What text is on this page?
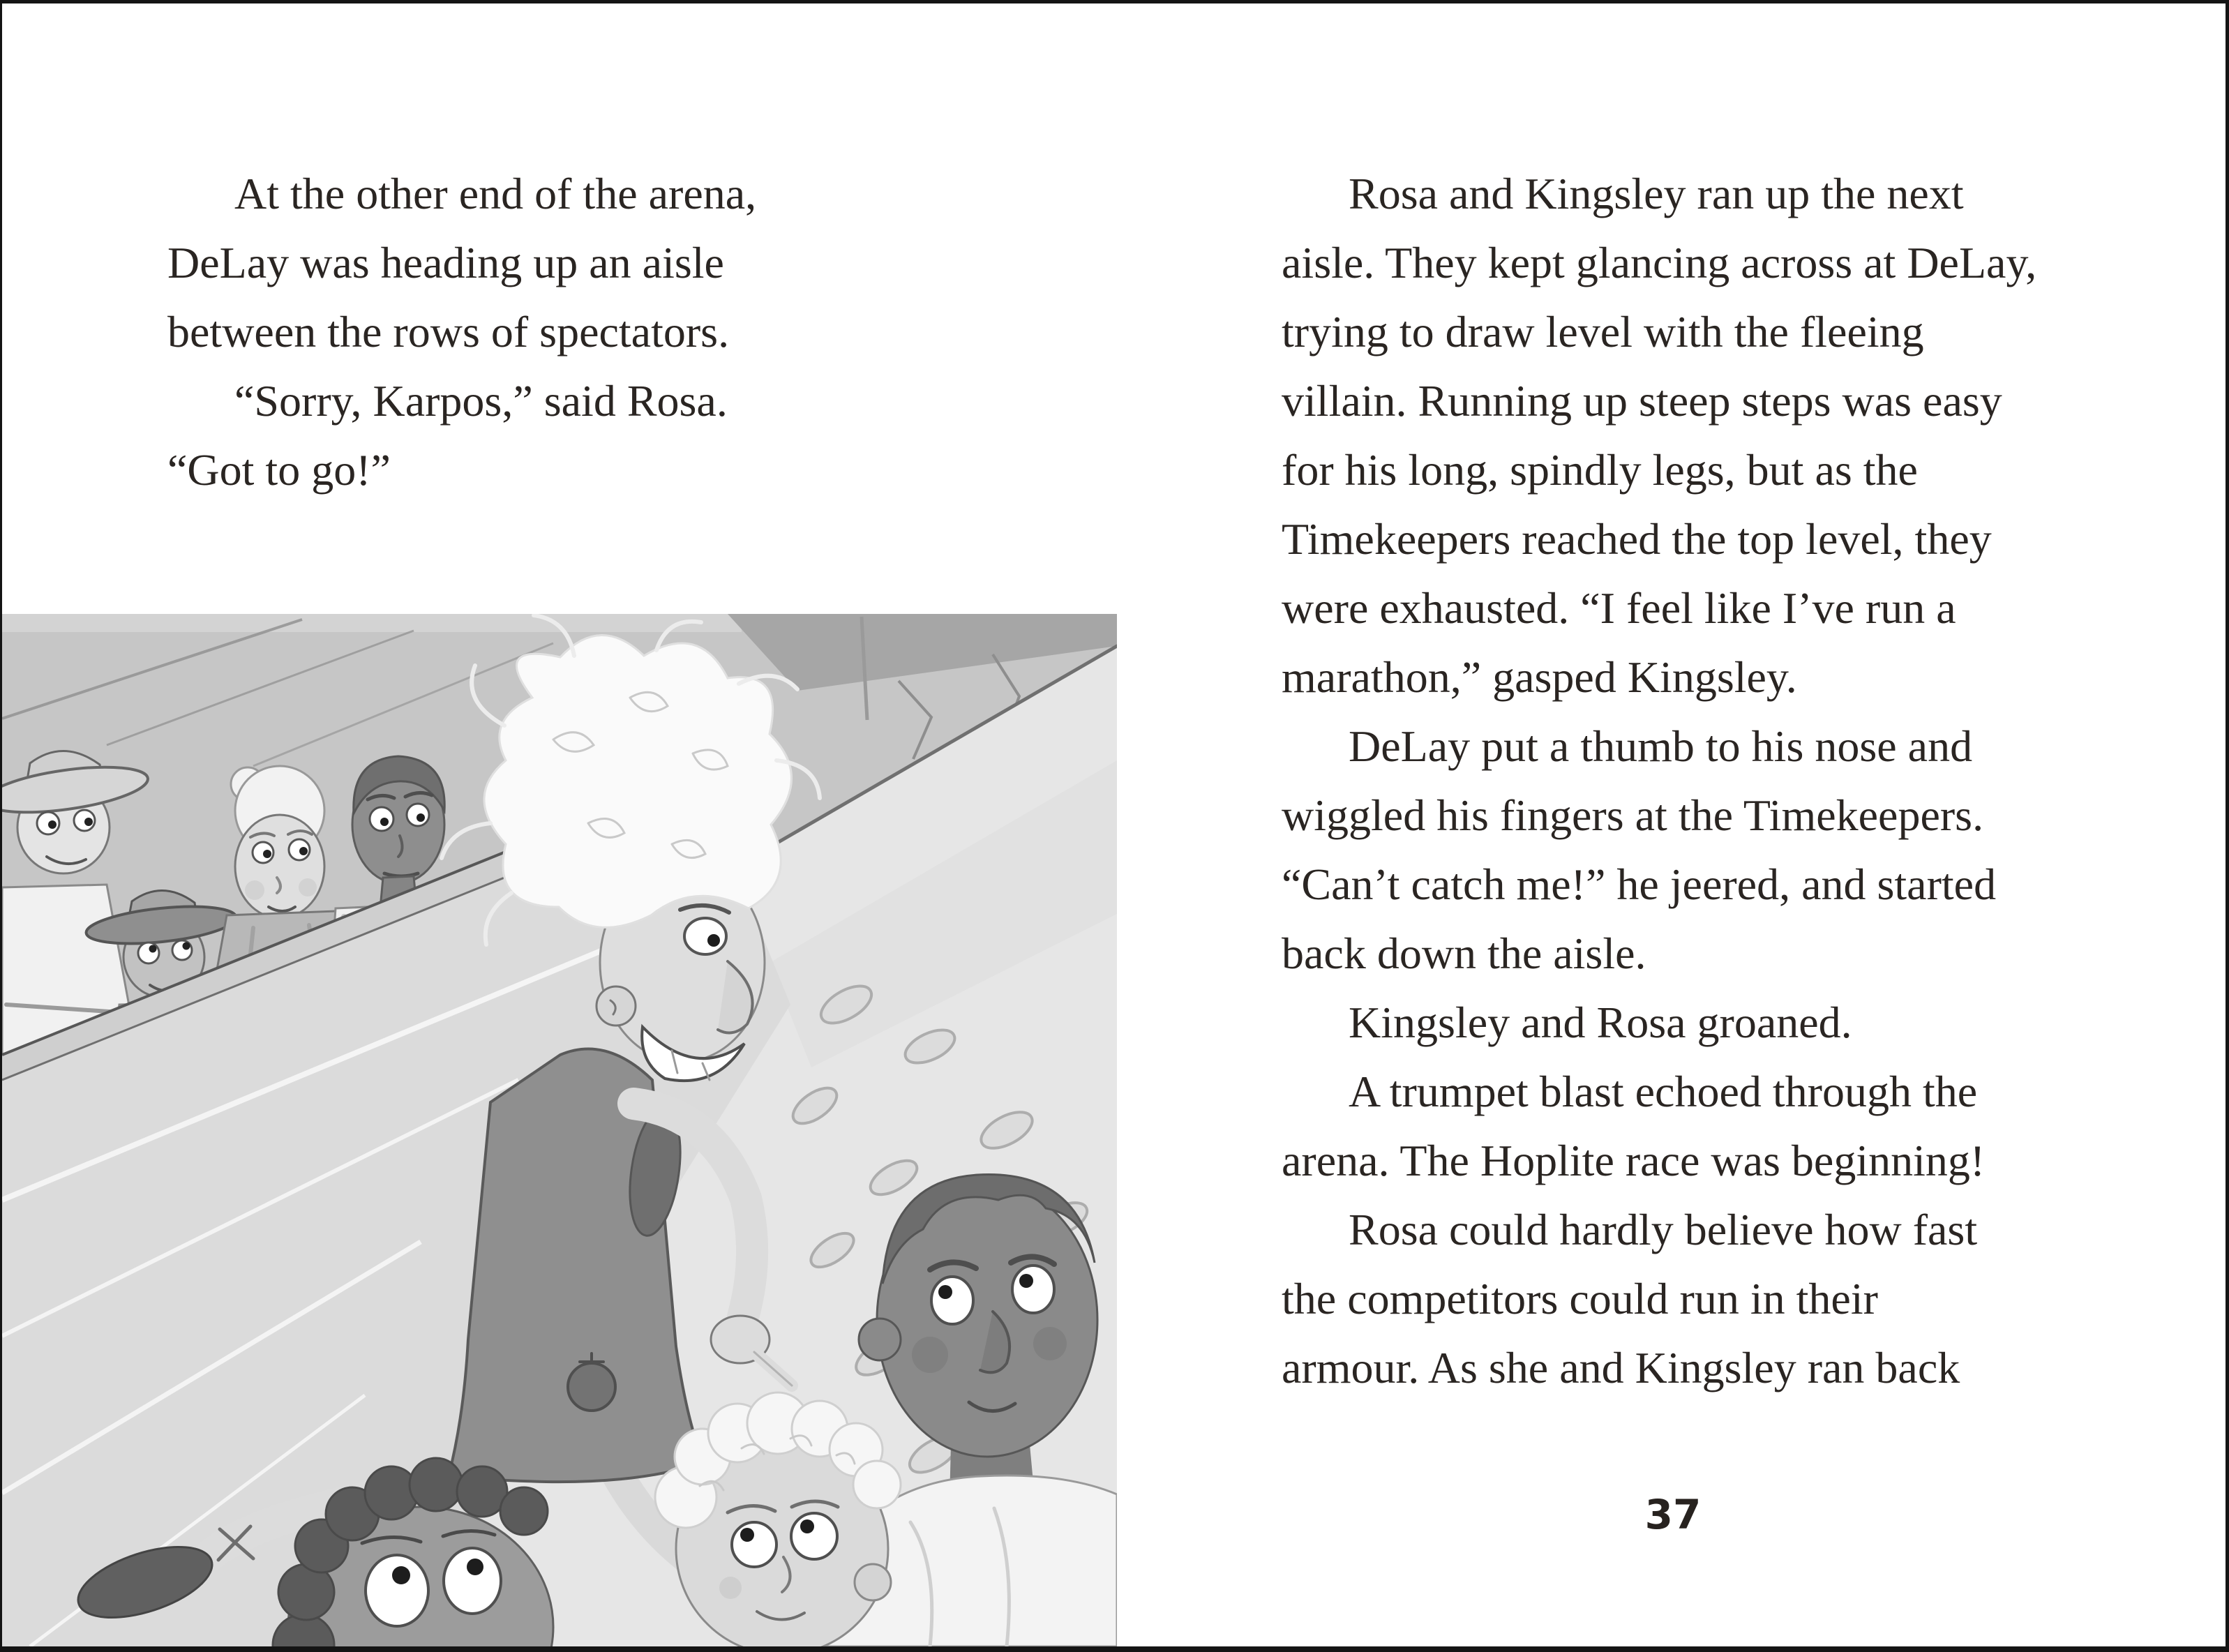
At the other end of the arena,
DeLay was heading up an aisle
between the rows of spectators.
“Sorry, Karpos,” said Rosa.
“Got to go!”
Rosa and Kingsley ran up the next
aisle. They kept glancing across at DeLay,
trying to draw level with the fleeing
villain. Running up steep steps was easy
for his long, spindly legs, but as the
Timekeepers reached the top level, they
were exhausted. “I feel like I’ve run a
marathon,” gasped Kingsley.
DeLay put a thumb to his nose and
wiggled his fingers at the Timekeepers.
“Can’t catch me!” he jeered, and started
back down the aisle.
Kingsley and Rosa groaned.
A trumpet blast echoed through the
arena. The Hoplite race was beginning!
Rosa could hardly believe how fast
the competitors could run in their
armour. As she and Kingsley ran back
37
